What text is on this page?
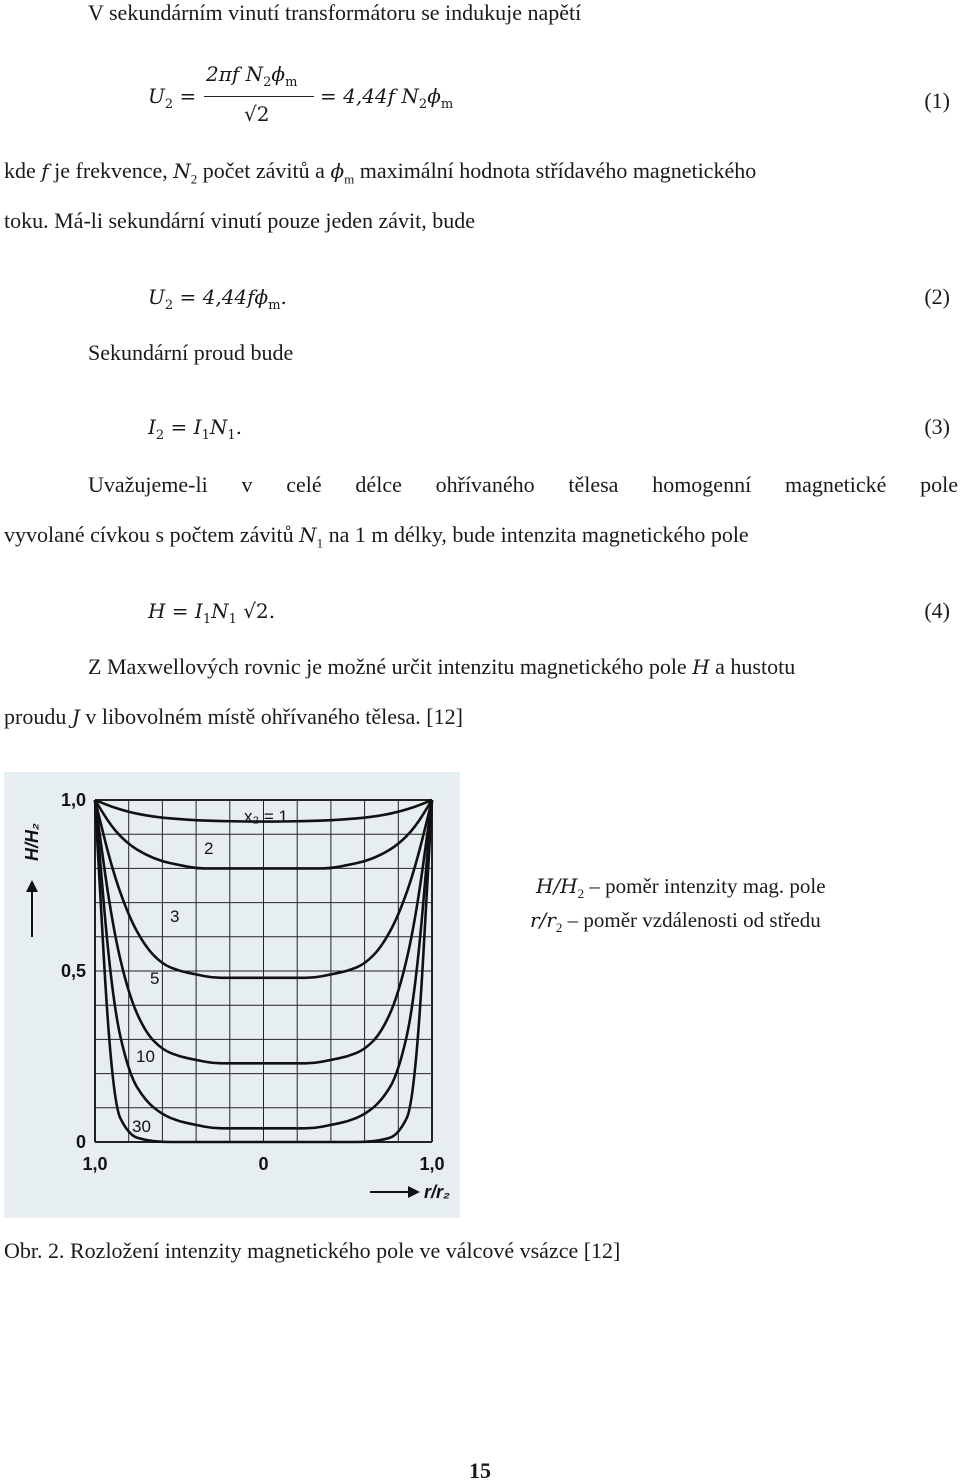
V sekundárním vinutí transformátoru se indukuje napětí
$U_2$ =
2πf $N_2\phi_m$
√2
= 4,44f $N_2\phi_m$	(1)
kde f je frekvence, $N_2$ počet závitů a $\phi_m$ maximální hodnota střídavého magnetického
toku. Má-li sekundární vinutí pouze jeden závit, bude
$U_2 = 4,44f\phi_m$.	(2)
Sekundární proud bude
$I_2 = I_1N_1$.	(3)
Uvažujeme-li v celé délce ohřívaného tělesa homogenní magnetické pole
vyvolané cívkou s počtem závitů $N_1$ na 1 m délky, bude intenzita magnetického pole
$H = I_1N_1$ √2.	(4)
Z Maxwellových rovnic je možné určit intenzitu magnetického pole H a hustotu
proudu J v libovolném místě ohřívaného tělesa. [12]
x₂ = 1
2
3
5
10
30
1,0
0,5
0
1,0	0	1,0
H/H₂
r/r₂
$H/H_2$ – poměr intenzity mag. pole
$r/r_2$ – poměr vzdálenosti od středu
Obr. 2. Rozložení intenzity magnetického pole ve válcové vsázce [12]
15
